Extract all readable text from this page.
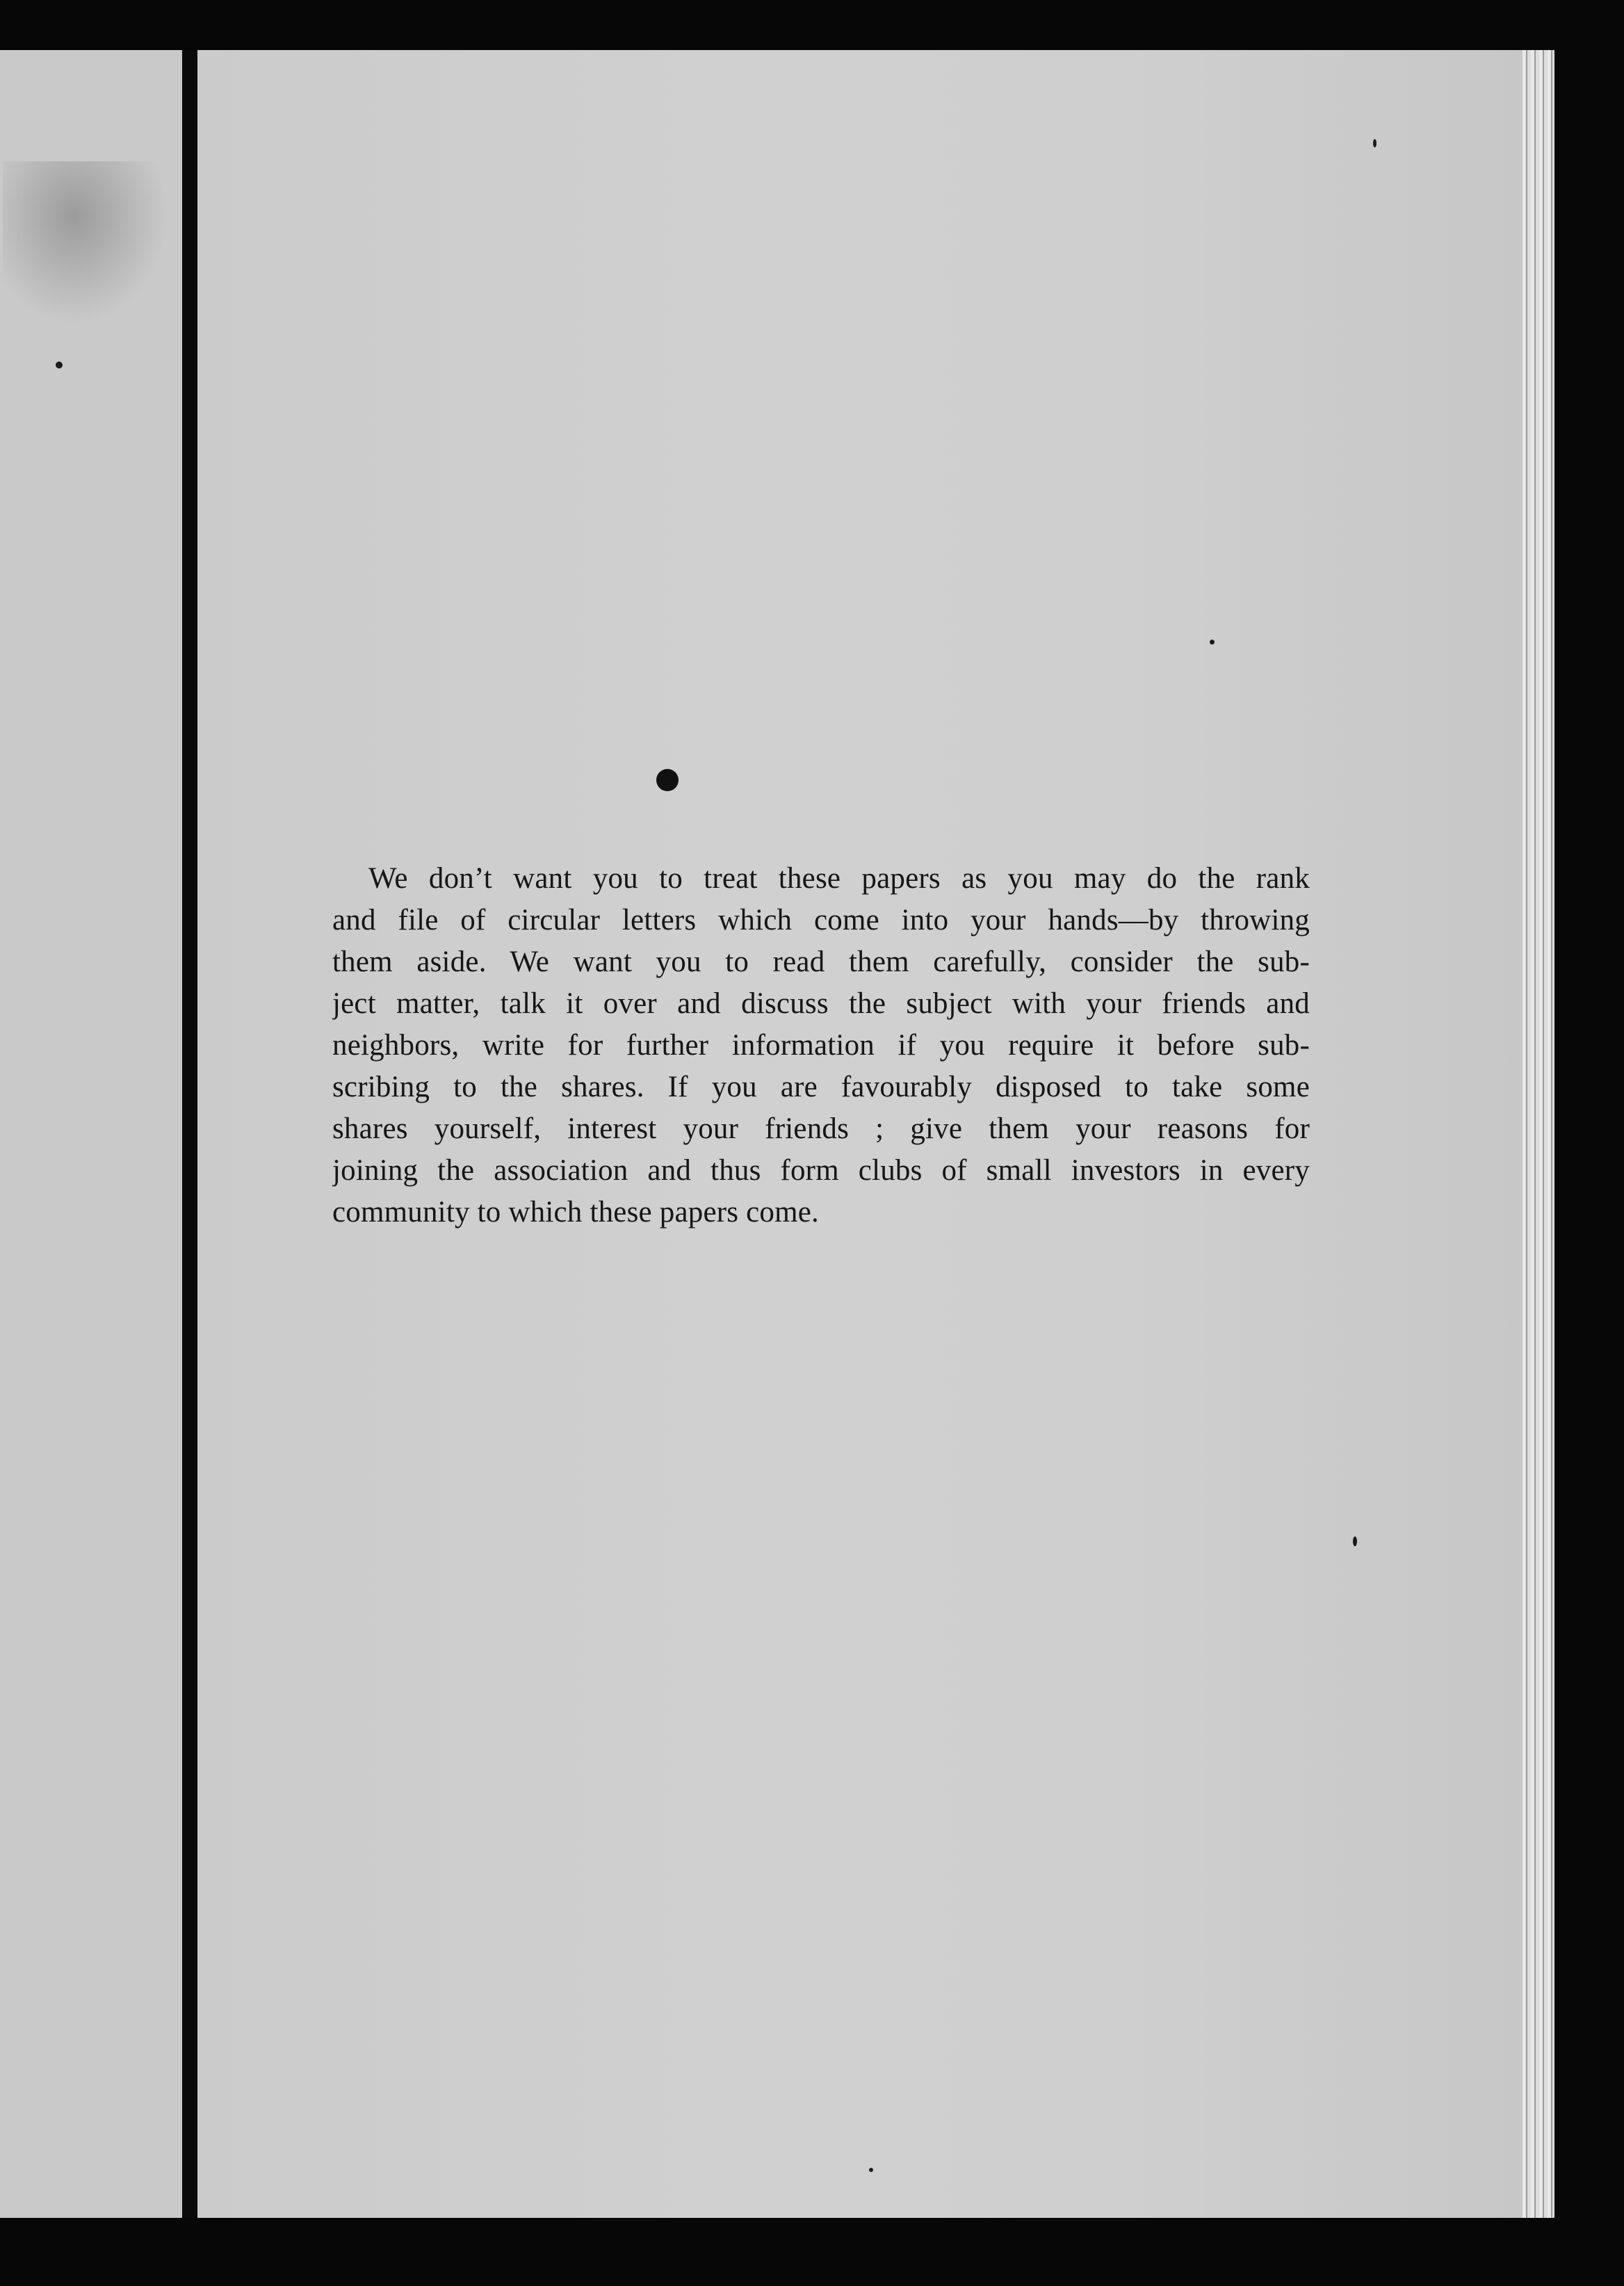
We don’t want you to treat these papers as you may do the rank
and file of circular letters which come into your hands—by throwing
them aside. We want you to read them carefully, consider the sub-
ject matter, talk it over and discuss the subject with your friends and
neighbors, write for further information if you require it before sub-
scribing to the shares. If you are favourably disposed to take some
shares yourself, interest your friends ; give them your reasons for
joining the association and thus form clubs of small investors in every
community to which these papers come.
